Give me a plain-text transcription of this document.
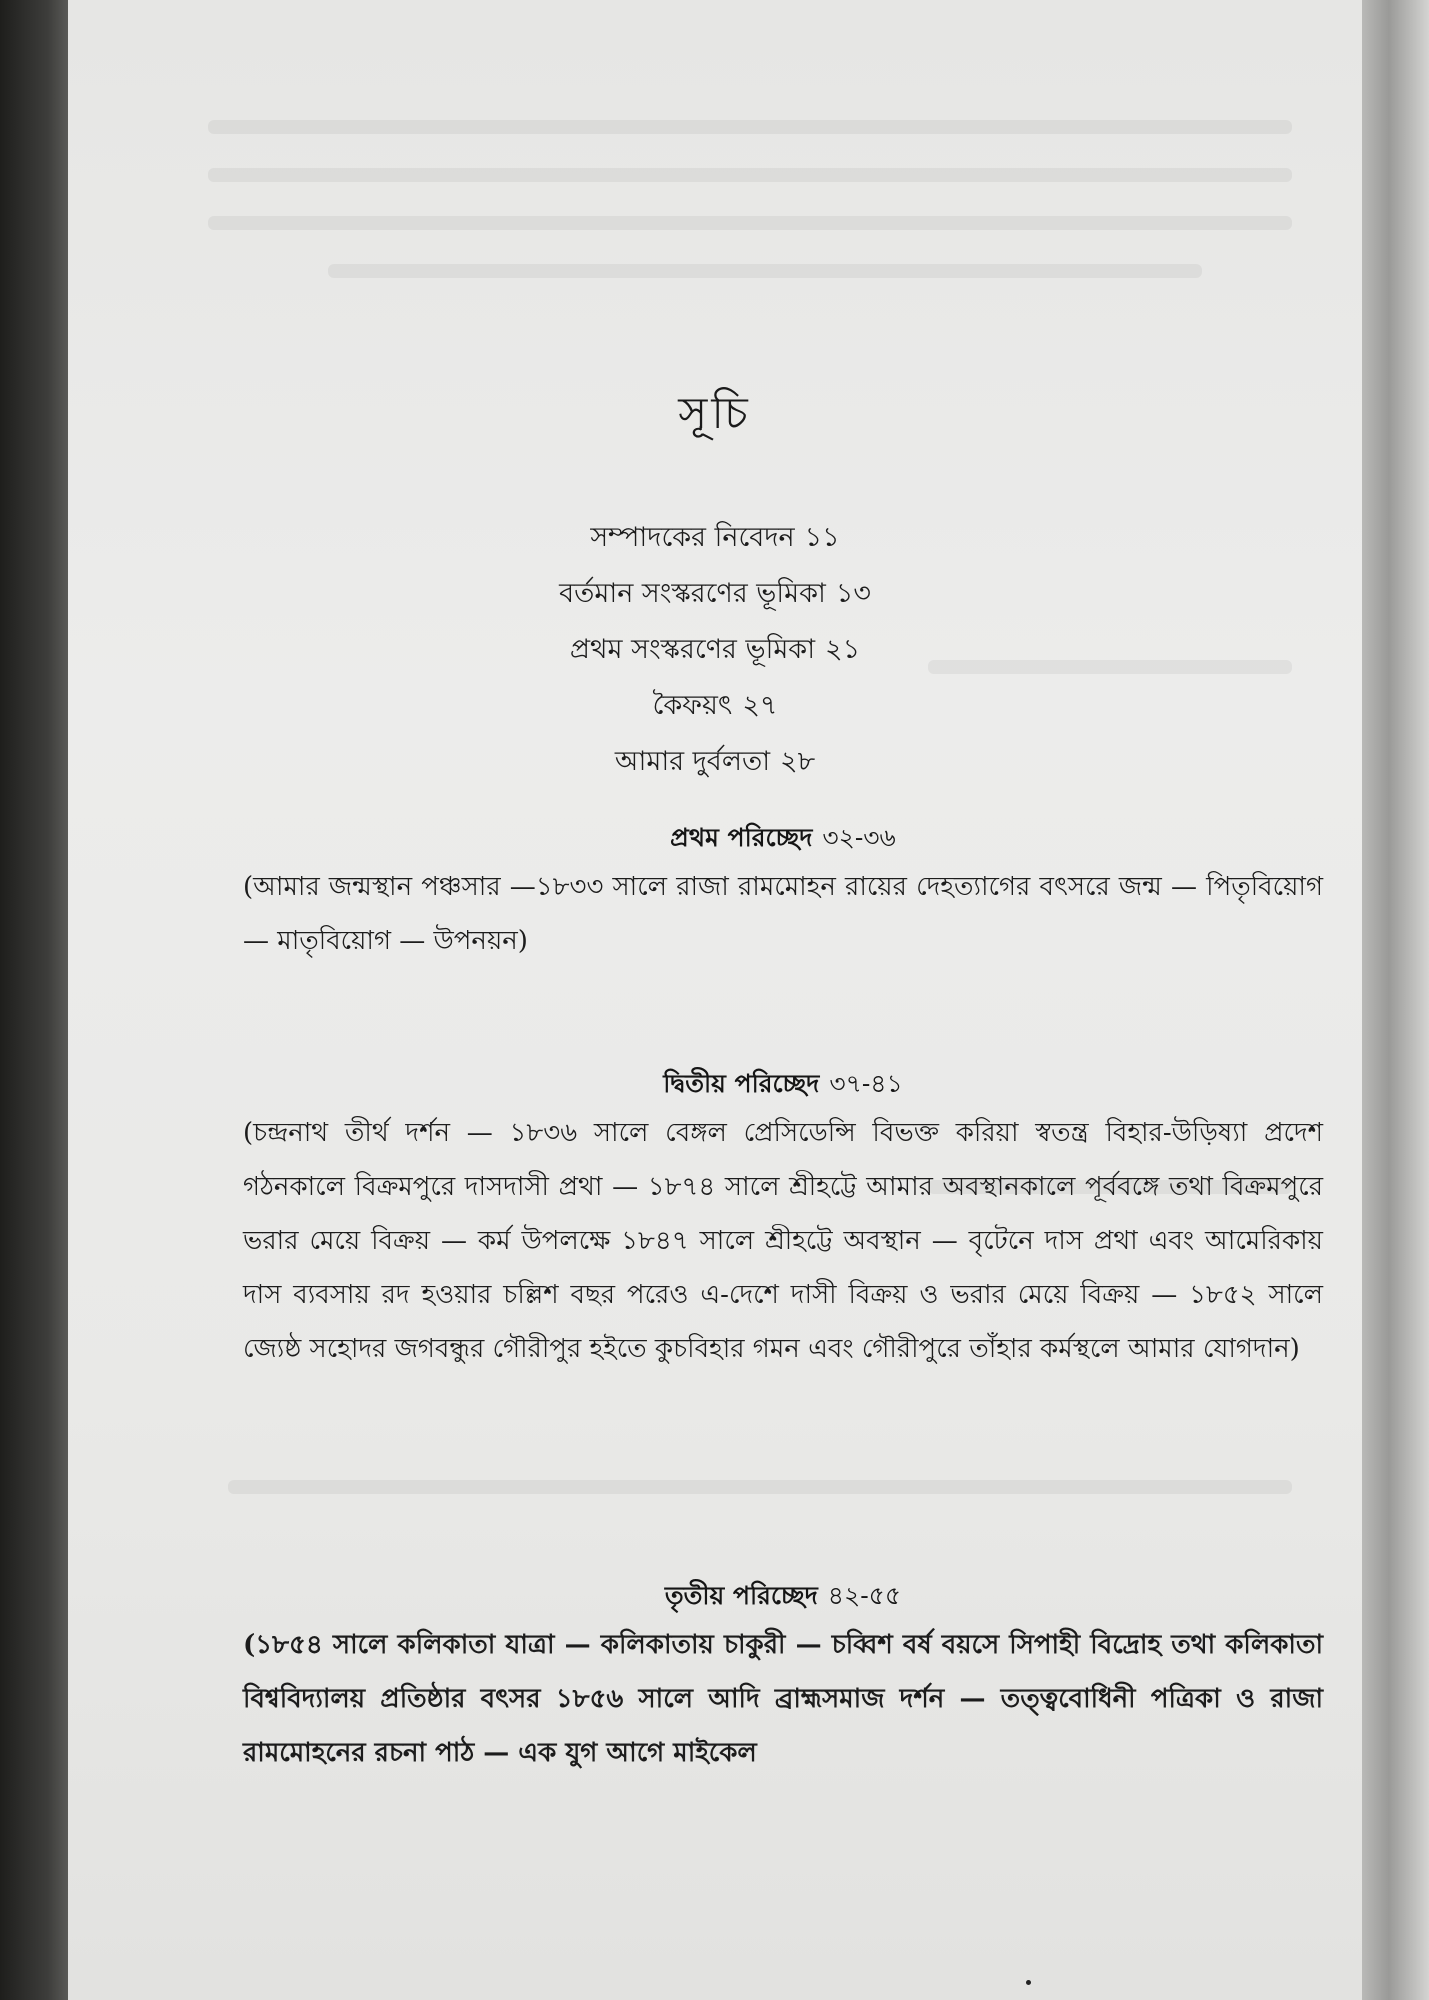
সূচি
সম্পাদকের নিবেদন ১১
বর্তমান সংস্করণের ভূমিকা ১৩
প্রথম সংস্করণের ভূমিকা ২১
কৈফয়ৎ ২৭
আমার দুর্বলতা ২৮
প্রথম পরিচ্ছেদ ৩২-৩৬

(আমার জন্মস্থান পঞ্চসার —১৮৩৩ সালে রাজা রামমোহন রায়ের দেহত্যাগের বৎসরে জন্ম — পিতৃবিয়োগ — মাতৃবিয়োগ — উপনয়ন)

দ্বিতীয় পরিচ্ছেদ ৩৭-৪১

(চন্দ্রনাথ তীর্থ দর্শন — ১৮৩৬ সালে বেঙ্গল প্রেসিডেন্সি বিভক্ত করিয়া স্বতন্ত্র বিহার-উড়িষ্যা প্রদেশ গঠনকালে বিক্রমপুরে দাসদাসী প্রথা — ১৮৭৪ সালে শ্রীহট্টে আমার অবস্থানকালে পূর্ববঙ্গে তথা বিক্রমপুরে ভরার মেয়ে বিক্রয় — কর্ম উপলক্ষে ১৮৪৭ সালে শ্রীহট্টে অবস্থান — বৃটেনে দাস প্রথা এবং আমেরিকায় দাস ব্যবসায় রদ হওয়ার চল্লিশ বছর পরেও এ-দেশে দাসী বিক্রয় ও ভরার মেয়ে বিক্রয় — ১৮৫২ সালে জ্যেষ্ঠ সহোদর জগবন্ধুর গৌরীপুর হইতে কুচবিহার গমন এবং গৌরীপুরে তাঁহার কর্মস্থলে আমার যোগদান)

তৃতীয় পরিচ্ছেদ ৪২-৫৫

(১৮৫৪ সালে কলিকাতা যাত্রা — কলিকাতায় চাকুরী — চব্বিশ বর্ষ বয়সে সিপাহী বিদ্রোহ তথা কলিকাতা বিশ্ববিদ্যালয় প্রতিষ্ঠার বৎসর ১৮৫৬ সালে আদি ব্রাহ্মসমাজ দর্শন — তত্ত্ববোধিনী পত্রিকা ও রাজা রামমোহনের রচনা পাঠ — এক যুগ আগে মাইকেল
